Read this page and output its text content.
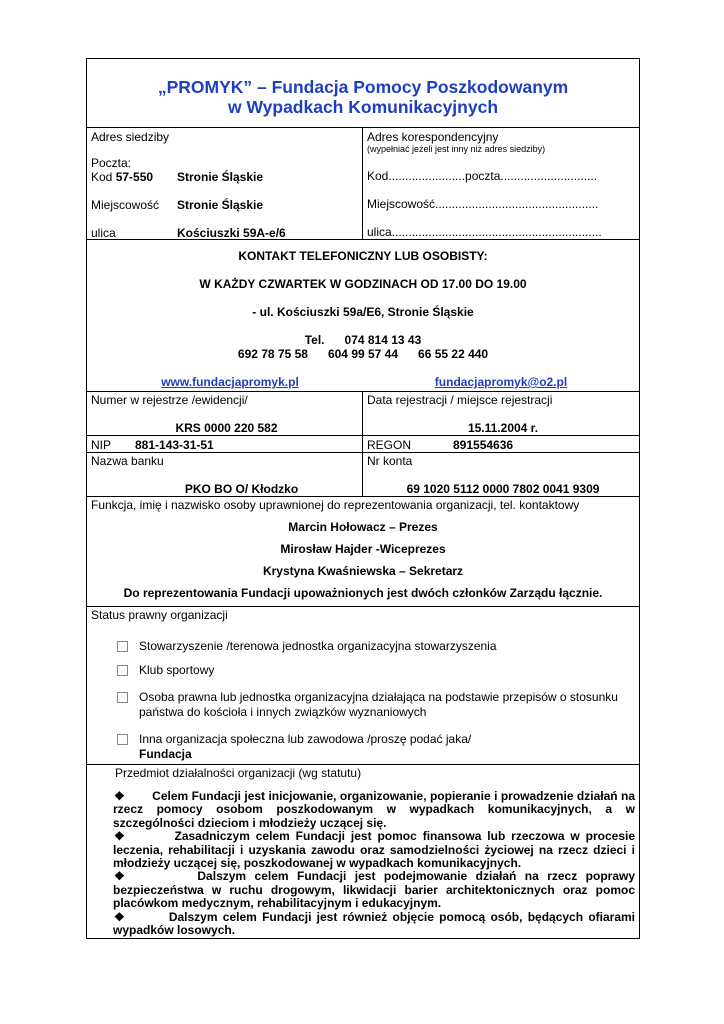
„PROMYK” – Fundacja Pomocy Poszkodowanym
w Wypadkach Komunikacyjnych
Adres siedziby
Poczta:
Kod 57-550	Stronie Śląskie
Miejscowość	Stronie Śląskie
ulica	Kościuszki 59A-e/6
Adres korespondencyjny
(wypełniać jeżeli jest inny niż adres siedziby)
Kod.......................poczta.............................
Miejscowość.................................................
ulica...............................................................
KONTAKT TELEFONICZNY LUB OSOBISTY:
W KAŻDY CZWARTEK W GODZINACH OD 17.00 DO 19.00
- ul. Kościuszki 59a/E6, Stronie Śląskie
Tel. 074 814 13 43
692 78 75 58      604 99 57 44      66 55 22 440
www.fundacjapromyk.pl	fundacjapromyk@o2.pl
Numer w rejestrze /ewidencji/
KRS 0000 220 582
Data rejestracji / miejsce rejestracji
15.11.2004 r.
NIP	881-143-31-51	REGON	891554636
Nazwa banku
PKO BO O/ Kłodzko
Nr konta
69 1020 5112 0000 7802 0041 9309
Funkcja, imię i nazwisko osoby uprawnionej do reprezentowania organizacji, tel. kontaktowy
Marcin Hołowacz – Prezes
Mirosław Hajder -Wiceprezes
Krystyna Kwaśniewska – Sekretarz
Do reprezentowania Fundacji upoważnionych jest dwóch członków Zarządu łącznie.
Status prawny organizacji
Stowarzyszenie /terenowa jednostka organizacyjna stowarzyszenia
Klub sportowy
Osoba prawna lub jednostka organizacyjna działająca na podstawie przepisów o stosunku
państwa do kościoła i innych związków wyznaniowych
Inna organizacja społeczna lub zawodowa /proszę podać jaka/
Fundacja
Przedmiot działalności organizacji (wg statutu)
❖ Celem Fundacji jest inicjowanie, organizowanie, popieranie i prowadzenie działań na rzecz pomocy osobom poszkodowanym w wypadkach komunikacyjnych, a w szczególności dzieciom i młodzieży uczącej się.
❖	Zasadniczym celem Fundacji jest pomoc finansowa lub rzeczowa w procesie leczenia, rehabilitacji i uzyskania zawodu oraz samodzielności życiowej na rzecz dzieci i młodzieży uczącej się, poszkodowanej w wypadkach komunikacyjnych.
❖	Dalszym celem Fundacji jest podejmowanie działań na rzecz poprawy bezpieczeństwa w ruchu drogowym, likwidacji barier architektonicznych oraz pomoc placówkom medycznym, rehabilitacyjnym i edukacyjnym.
❖	Dalszym celem Fundacji jest również objęcie pomocą osób, będących ofiarami wypadków losowych.
